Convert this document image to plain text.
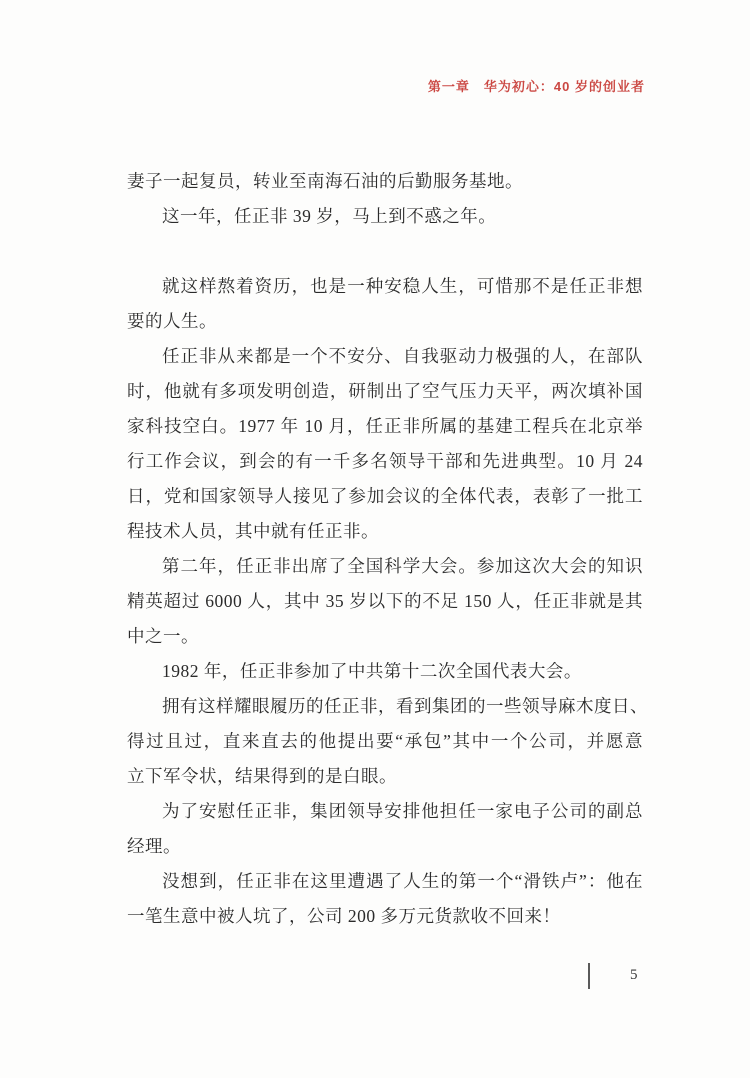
第一章 华为初心：40 岁的创业者
妻子一起复员，转业至南海石油的后勤服务基地。
这一年，任正非 39 岁，马上到不惑之年。
就这样熬着资历，也是一种安稳人生，可惜那不是任正非想
要的人生。
任正非从来都是一个不安分、自我驱动力极强的人，在部队
时，他就有多项发明创造，研制出了空气压力天平，两次填补国
家科技空白。1977 年 10 月，任正非所属的基建工程兵在北京举
行工作会议，到会的有一千多名领导干部和先进典型。10 月 24
日，党和国家领导人接见了参加会议的全体代表，表彰了一批工
程技术人员，其中就有任正非。
第二年，任正非出席了全国科学大会。参加这次大会的知识
精英超过 6000 人，其中 35 岁以下的不足 150 人，任正非就是其
中之一。
1982 年，任正非参加了中共第十二次全国代表大会。
拥有这样耀眼履历的任正非，看到集团的一些领导麻木度日、
得过且过，直来直去的他提出要“承包”其中一个公司，并愿意
立下军令状，结果得到的是白眼。
为了安慰任正非，集团领导安排他担任一家电子公司的副总
经理。
没想到，任正非在这里遭遇了人生的第一个“滑铁卢”：他在
一笔生意中被人坑了，公司 200 多万元货款收不回来！
5
